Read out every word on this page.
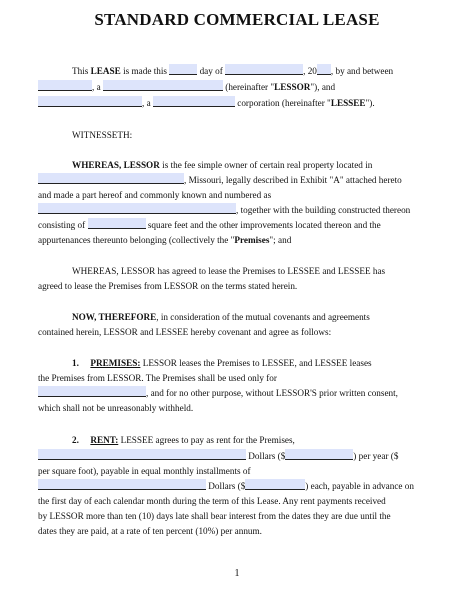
STANDARD COMMERCIAL LEASE
This LEASE is made this	day of	, 20 , by and between
, a	(hereinafter "LESSOR"), and
, a	corporation (hereinafter "LESSEE").
WITNESSETH:
WHEREAS, LESSOR is the fee simple owner of certain real property located in
, Missouri, legally described in Exhibit "A" attached hereto
and made a part hereof and commonly known and numbered as
, together with the building constructed thereon
consisting of	square feet and the other improvements located thereon and the
appurtenances thereunto belonging (collectively the "Premises"; and
WHEREAS, LESSOR has agreed to lease the Premises to LESSEE and LESSEE has
agreed to lease the Premises from LESSOR on the terms stated herein.
NOW, THEREFORE, in consideration of the mutual covenants and agreements
contained herein, LESSOR and LESSEE hereby covenant and agree as follows:
1. PREMISES: LESSOR leases the Premises to LESSEE, and LESSEE leases
the Premises from LESSOR. The Premises shall be used only for
, and for no other purpose, without LESSOR'S prior written consent,
which shall not be unreasonably withheld.
2. RENT: LESSEE agrees to pay as rent for the Premises,
Dollars ($	) per year ($
per square foot), payable in equal monthly installments of
Dollars ($	) each, payable in advance on
the first day of each calendar month during the term of this Lease. Any rent payments received
by LESSOR more than ten (10) days late shall bear interest from the dates they are due until the
dates they are paid, at a rate of ten percent (10%) per annum.
1
